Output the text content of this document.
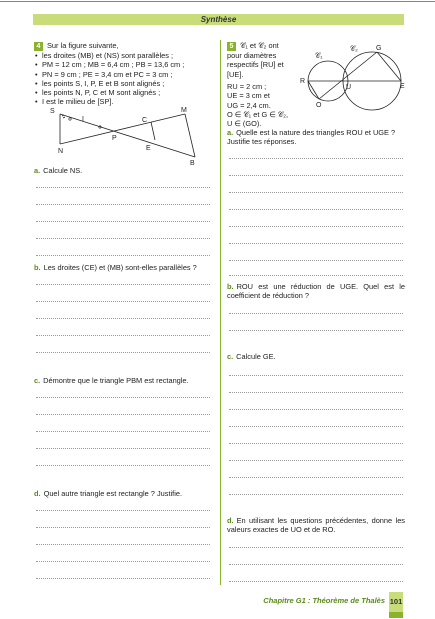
Synthèse
4 Sur la figure suivante,
• les droites (MB) et (NS) sont parallèles ;
• PM = 12 cm ; MB = 6,4 cm ; PB = 13,6 cm ;
• PN = 9 cm ; PE = 3,4 cm et PC = 3 cm ;
• les points S, I, P, E et B sont alignés ;
• les points N, P, C et M sont alignés ;
• I est le milieu de [SP].
S
I	C
M
P
N	E
B
a. Calcule NS.
b. Les droites (CE) et (MB) sont-elles parallèles ?
c. Démontre que le triangle PBM est rectangle.
d. Quel autre triangle est rectangle ? Justifie.
5 𝒞₁ et 𝒞₂ ont
pour diamètres
respectifs [RU] et
[UE].
RU = 2 cm ;
UE = 3 cm et
UG = 2,4 cm.
O ∈ 𝒞₁ et G ∈ 𝒞₂,
U ∈ (GO).
𝒞₁
𝒞₂	G
R
U	E
O
a. Quelle est la nature des triangles ROU et UGE ? Justifie tes réponses.
b. ROU est une réduction de UGE. Quel est le coefficient de réduction ?
c. Calcule GE.
d. En utilisant les questions précédentes, donne les valeurs exactes de UO et de RO.
Chapitre G1 : Théorème de Thalès 101
